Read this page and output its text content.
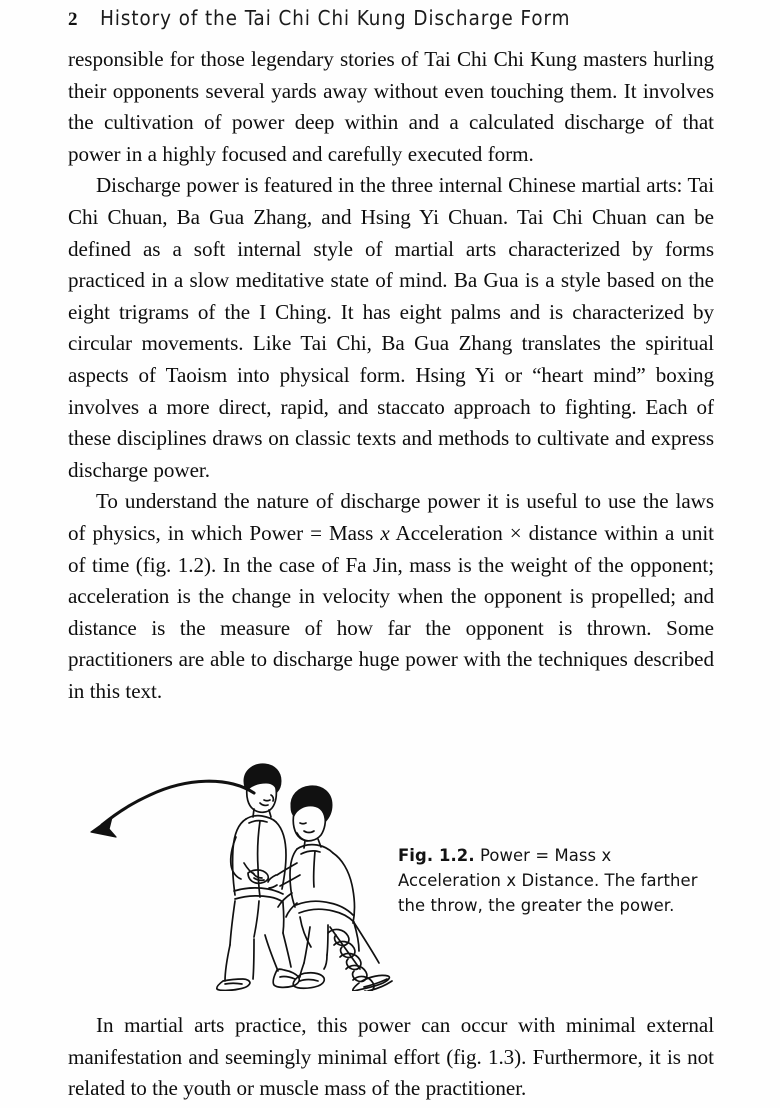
2 History of the Tai Chi Chi Kung Discharge Form

responsible for those legendary stories of Tai Chi Chi Kung masters hurling their opponents several yards away without even touching them. It involves the cultivation of power deep within and a calculated discharge of that power in a highly focused and carefully executed form.

Discharge power is featured in the three internal Chinese martial arts: Tai Chi Chuan, Ba Gua Zhang, and Hsing Yi Chuan. Tai Chi Chuan can be defined as a soft internal style of martial arts characterized by forms practiced in a slow meditative state of mind. Ba Gua is a style based on the eight trigrams of the I Ching. It has eight palms and is characterized by circular movements. Like Tai Chi, Ba Gua Zhang translates the spiritual aspects of Taoism into physical form. Hsing Yi or “heart mind” boxing involves a more direct, rapid, and staccato approach to fighting. Each of these disciplines draws on classic texts and methods to cultivate and express discharge power.

To understand the nature of discharge power it is useful to use the laws of physics, in which Power = Mass x Acceleration × distance within a unit of time (fig. 1.2). In the case of Fa Jin, mass is the weight of the opponent; acceleration is the change in velocity when the opponent is propelled; and distance is the measure of how far the opponent is thrown. Some practitioners are able to discharge huge power with the techniques described in this text.

Fig. 1.2. Power = Mass x Acceleration x Distance. The farther the throw, the greater the power.

In martial arts practice, this power can occur with minimal external manifestation and seemingly minimal effort (fig. 1.3). Furthermore, it is not related to the youth or muscle mass of the practitioner.
